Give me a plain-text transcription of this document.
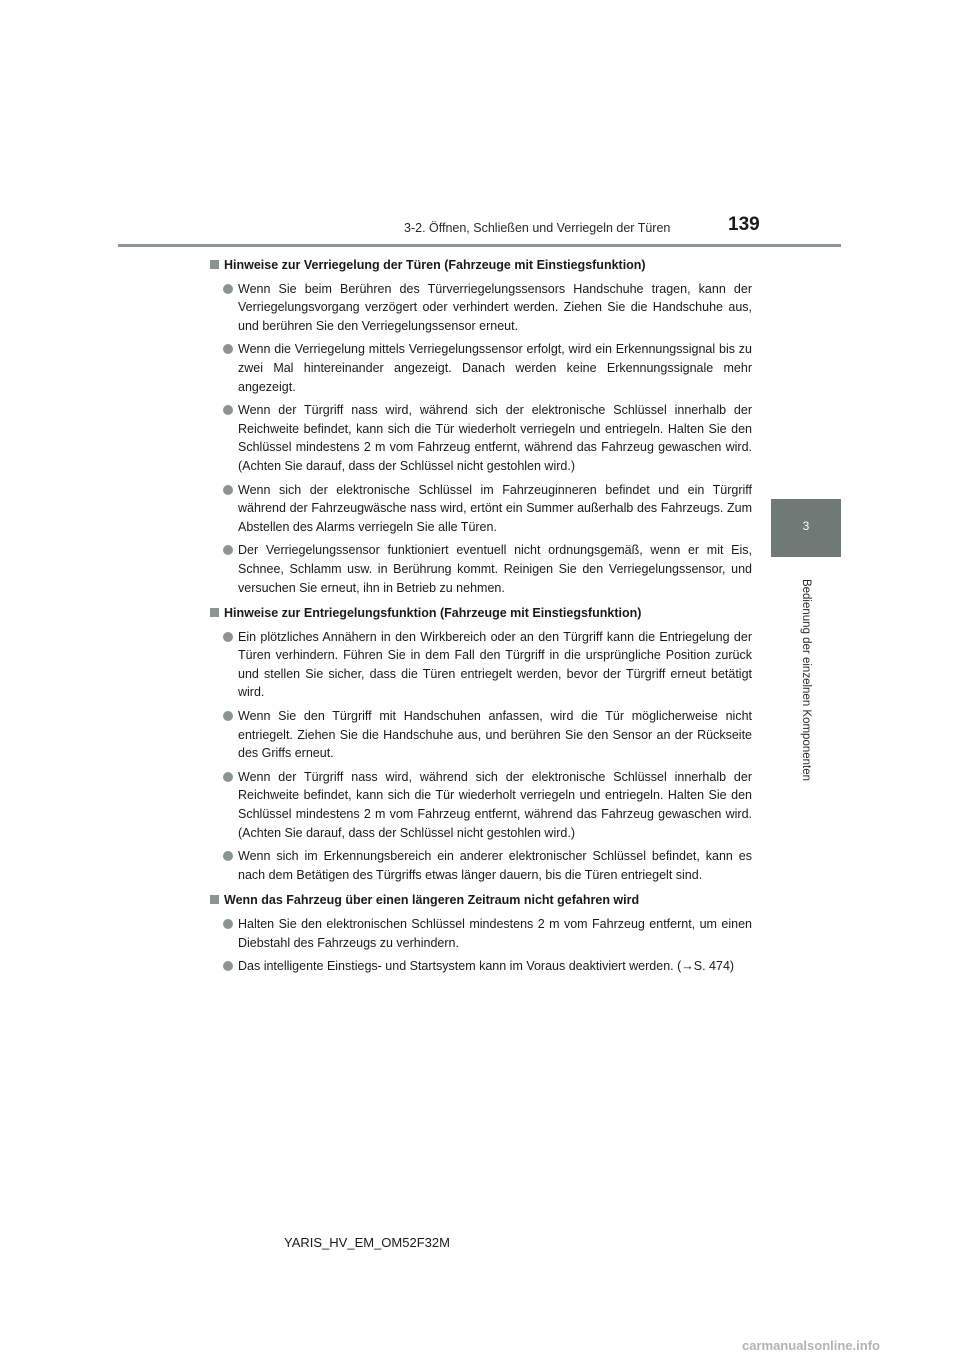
3-2. Öffnen, Schließen und Verriegeln der Türen	139
3
Bedienung der einzelnen Komponenten
Hinweise zur Verriegelung der Türen (Fahrzeuge mit Einstiegsfunktion)
Wenn Sie beim Berühren des Türverriegelungssensors Handschuhe tragen, kann der Verriegelungsvorgang verzögert oder verhindert werden. Ziehen Sie die Handschuhe aus, und berühren Sie den Verriegelungssensor erneut.
Wenn die Verriegelung mittels Verriegelungssensor erfolgt, wird ein Erkennungssignal bis zu zwei Mal hintereinander angezeigt. Danach werden keine Erkennungssignale mehr angezeigt.
Wenn der Türgriff nass wird, während sich der elektronische Schlüssel innerhalb der Reichweite befindet, kann sich die Tür wiederholt verriegeln und entriegeln. Halten Sie den Schlüssel mindestens 2 m vom Fahrzeug entfernt, während das Fahrzeug gewaschen wird. (Achten Sie darauf, dass der Schlüssel nicht gestohlen wird.)
Wenn sich der elektronische Schlüssel im Fahrzeuginneren befindet und ein Türgriff während der Fahrzeugwäsche nass wird, ertönt ein Summer außerhalb des Fahrzeugs. Zum Abstellen des Alarms verriegeln Sie alle Türen.
Der Verriegelungssensor funktioniert eventuell nicht ordnungsgemäß, wenn er mit Eis, Schnee, Schlamm usw. in Berührung kommt. Reinigen Sie den Verriegelungssensor, und versuchen Sie erneut, ihn in Betrieb zu nehmen.
Hinweise zur Entriegelungsfunktion (Fahrzeuge mit Einstiegsfunktion)
Ein plötzliches Annähern in den Wirkbereich oder an den Türgriff kann die Entriegelung der Türen verhindern. Führen Sie in dem Fall den Türgriff in die ursprüngliche Position zurück und stellen Sie sicher, dass die Türen entriegelt werden, bevor der Türgriff erneut betätigt wird.
Wenn Sie den Türgriff mit Handschuhen anfassen, wird die Tür möglicherweise nicht entriegelt. Ziehen Sie die Handschuhe aus, und berühren Sie den Sensor an der Rückseite des Griffs erneut.
Wenn der Türgriff nass wird, während sich der elektronische Schlüssel innerhalb der Reichweite befindet, kann sich die Tür wiederholt verriegeln und entriegeln. Halten Sie den Schlüssel mindestens 2 m vom Fahrzeug entfernt, während das Fahrzeug gewaschen wird. (Achten Sie darauf, dass der Schlüssel nicht gestohlen wird.)
Wenn sich im Erkennungsbereich ein anderer elektronischer Schlüssel befindet, kann es nach dem Betätigen des Türgriffs etwas länger dauern, bis die Türen entriegelt sind.
Wenn das Fahrzeug über einen längeren Zeitraum nicht gefahren wird
Halten Sie den elektronischen Schlüssel mindestens 2 m vom Fahrzeug entfernt, um einen Diebstahl des Fahrzeugs zu verhindern.
Das intelligente Einstiegs- und Startsystem kann im Voraus deaktiviert werden. (→S. 474)
YARIS_HV_EM_OM52F32M
carmanualsonline.info
